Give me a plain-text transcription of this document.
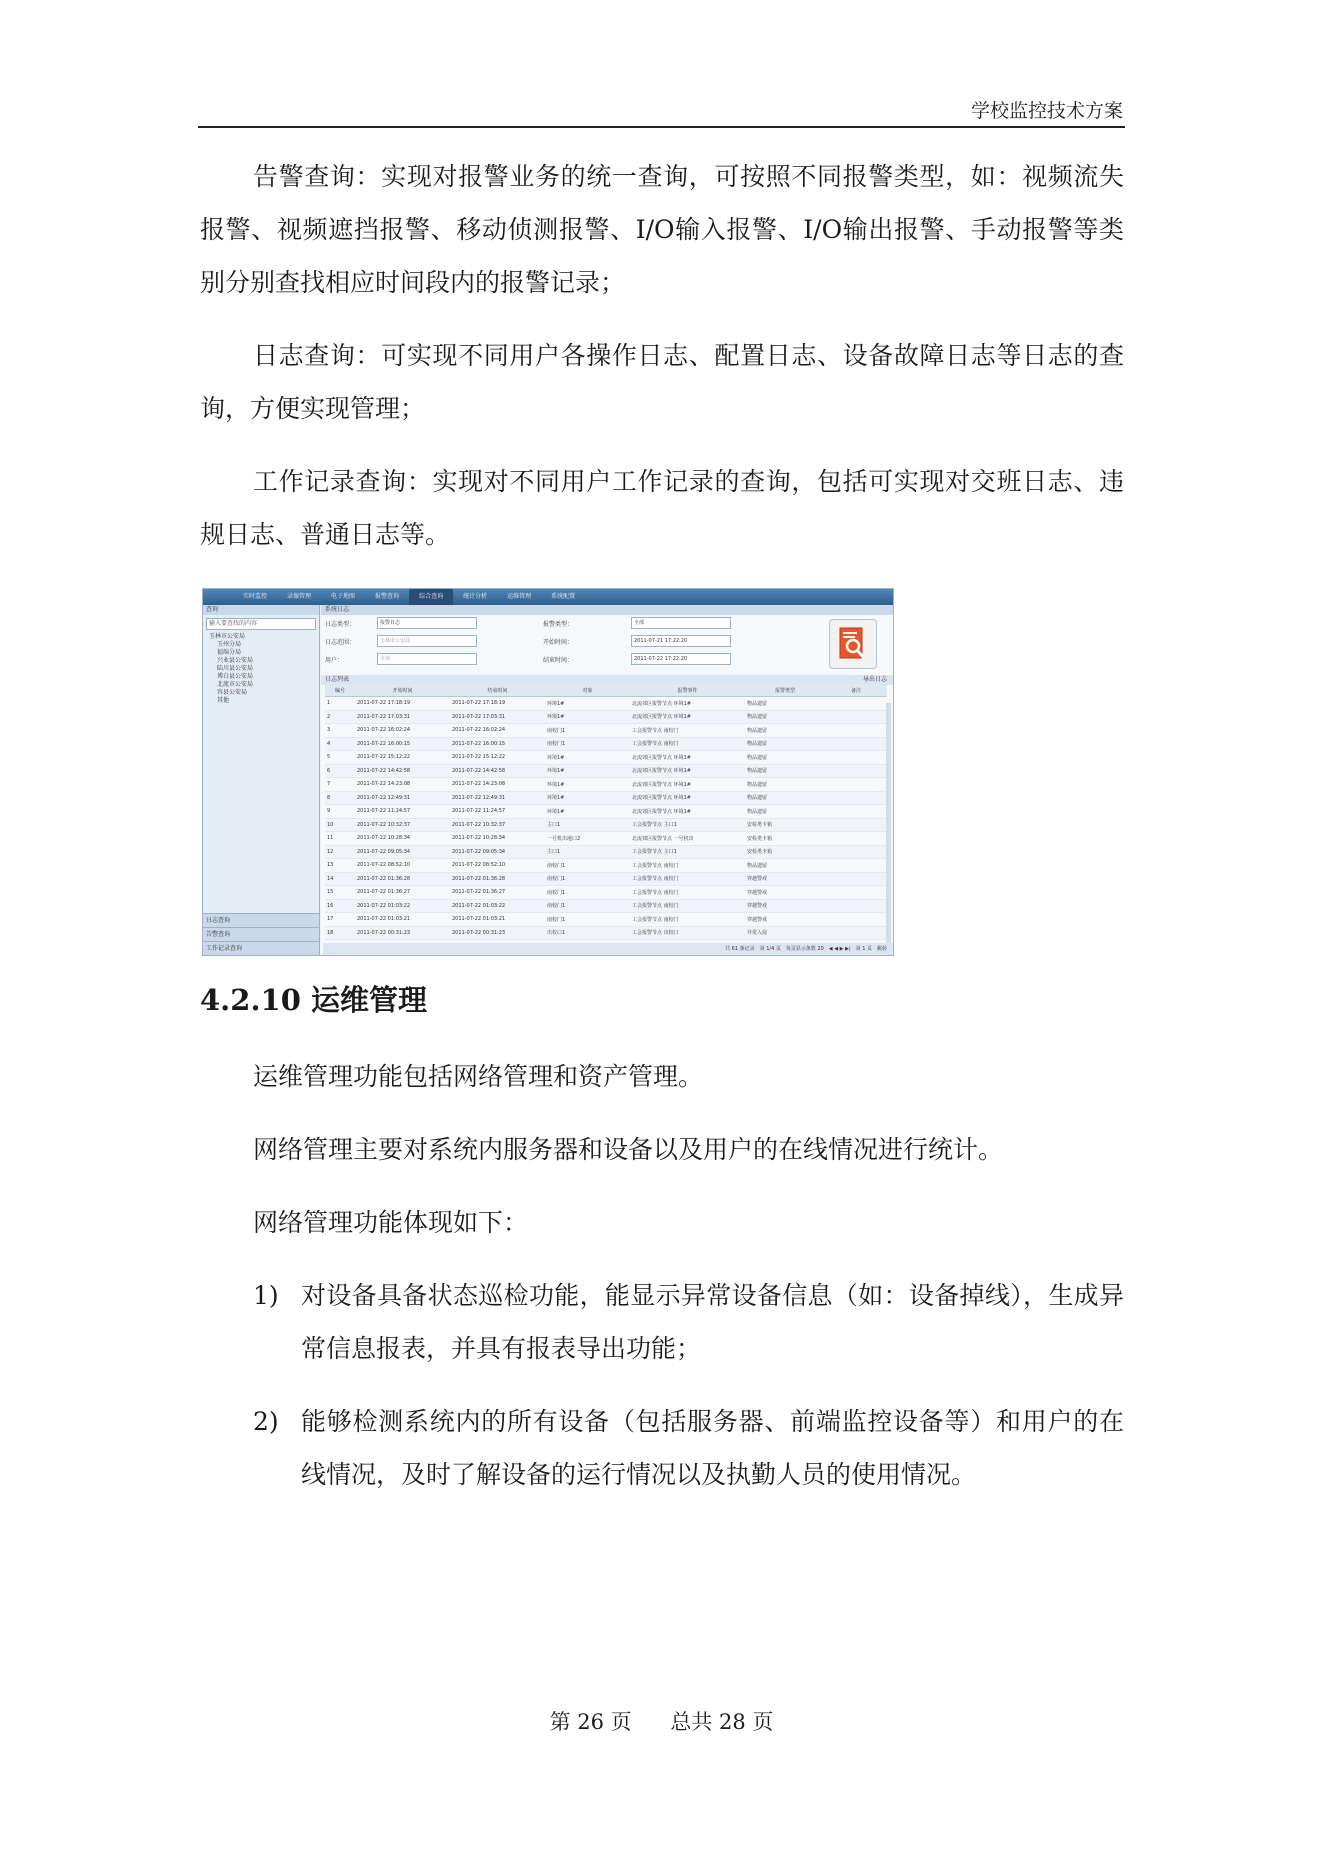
学校监控技术方案

告警查询：实现对报警业务的统一查询，可按照不同报警类型，如：视频流失报警、视频遮挡报警、移动侦测报警、I/O输入报警、I/O输出报警、手动报警等类别分别查找相应时间段内的报警记录；

日志查询：可实现不同用户各操作日志、配置日志、设备故障日志等日志的查询，方便实现管理；

工作记录查询：实现对不同用户工作记录的查询，包括可实现对交班日志、违规日志、普通日志等。

实时监控	录像管理	电子地图	报警查询	综合查询	统计分析	运维管理	系统配置
查询
输入要查找的内容
玉林市公安局
玉州分局
福绵分局
兴业县公安局
陆川县公安局
博白县公安局
北流市公安局
容县公安局
其他
日志查询
告警查询
工作记录查询
系统日志
日志类型：	报警日志
日志范围：	玉林市公安局
用户：	全部
报警类型：	全部
开始时间：	2011-07-21 17:22:20
结束时间：	2011-07-22 17:22:20
日志列表	导出日志
编号	开始时间	结束时间	对象	报警事件	报警类型	备注
1	2011-07-22 17:18:19	2011-07-22 17:18:19	环境1#	北流郊区报警节点 环境1#	物品遗留	
2	2011-07-22 17:03:31	2011-07-22 17:03:31	环境1#	北流郊区报警节点 环境1#	物品遗留	
3	2011-07-22 16:02:24	2011-07-22 16:02:24	南校门1	工会报警节点 南校门	物品遗留	
4	2011-07-22 16:00:15	2011-07-22 16:00:15	南校门1	工会报警节点 南校门	物品遗留	
5	2011-07-22 15:12:22	2011-07-22 15:12:22	环境1#	北流郊区报警节点 环境1#	物品遗留	
6	2011-07-22 14:42:58	2011-07-22 14:42:58	环境1#	北流郊区报警节点 环境1#	物品遗留	
7	2011-07-22 14:23:08	2011-07-22 14:23:08	环境1#	北流郊区报警节点 环境1#	物品遗留	
8	2011-07-22 12:49:31	2011-07-22 12:49:31	环境1#	北流郊区报警节点 环境1#	物品遗留	
9	2011-07-22 11:24:57	2011-07-22 11:24:57	环境1#	北流郊区报警节点 环境1#	物品遗留	
10	2011-07-22 10:32:37	2011-07-22 10:32:37	主口1	工会报警节点 主口1	安检类卡箱	
11	2011-07-22 10:28:34	2011-07-22 10:28:34	一号机出地口2	北流郊区报警节点 一号机出	安检类卡箱	
12	2011-07-22 09:05:34	2011-07-22 09:05:34	主口1	工会报警节点 主口1	安检类卡箱	
13	2011-07-22 08:52:10	2011-07-22 08:52:10	南校门1	工会报警节点 南校门	物品遗留	
14	2011-07-22 01:36:28	2011-07-22 01:36:28	南校门1	工会报警节点 南校门	穿越警戒	
15	2011-07-22 01:36:27	2011-07-22 01:36:27	南校门1	工会报警节点 南校门	穿越警戒	
16	2011-07-22 01:03:22	2011-07-22 01:03:22	南校门1	工会报警节点 南校门	穿越警戒	
17	2011-07-22 01:03:21	2011-07-22 01:03:21	南校门1	工会报警节点 南校门	穿越警戒	
18	2011-07-22 00:31:23	2011-07-22 00:31:23	出校口1	工会报警节点 出校口	异常入侵	
共 61 条记录　第 1/4 页　每页显示条数 20　◀ ◀ ▶ ▶|　第 1 页　跳转
4.2.10 运维管理

运维管理功能包括网络管理和资产管理。

网络管理主要对系统内服务器和设备以及用户的在线情况进行统计。

网络管理功能体现如下：

1) 对设备具备状态巡检功能，能显示异常设备信息（如：设备掉线），生成异常信息报表，并具有报表导出功能；
2) 能够检测系统内的所有设备（包括服务器、前端监控设备等）和用户的在线情况，及时了解设备的运行情况以及执勤人员的使用情况。
第 26 页 总共 28 页
